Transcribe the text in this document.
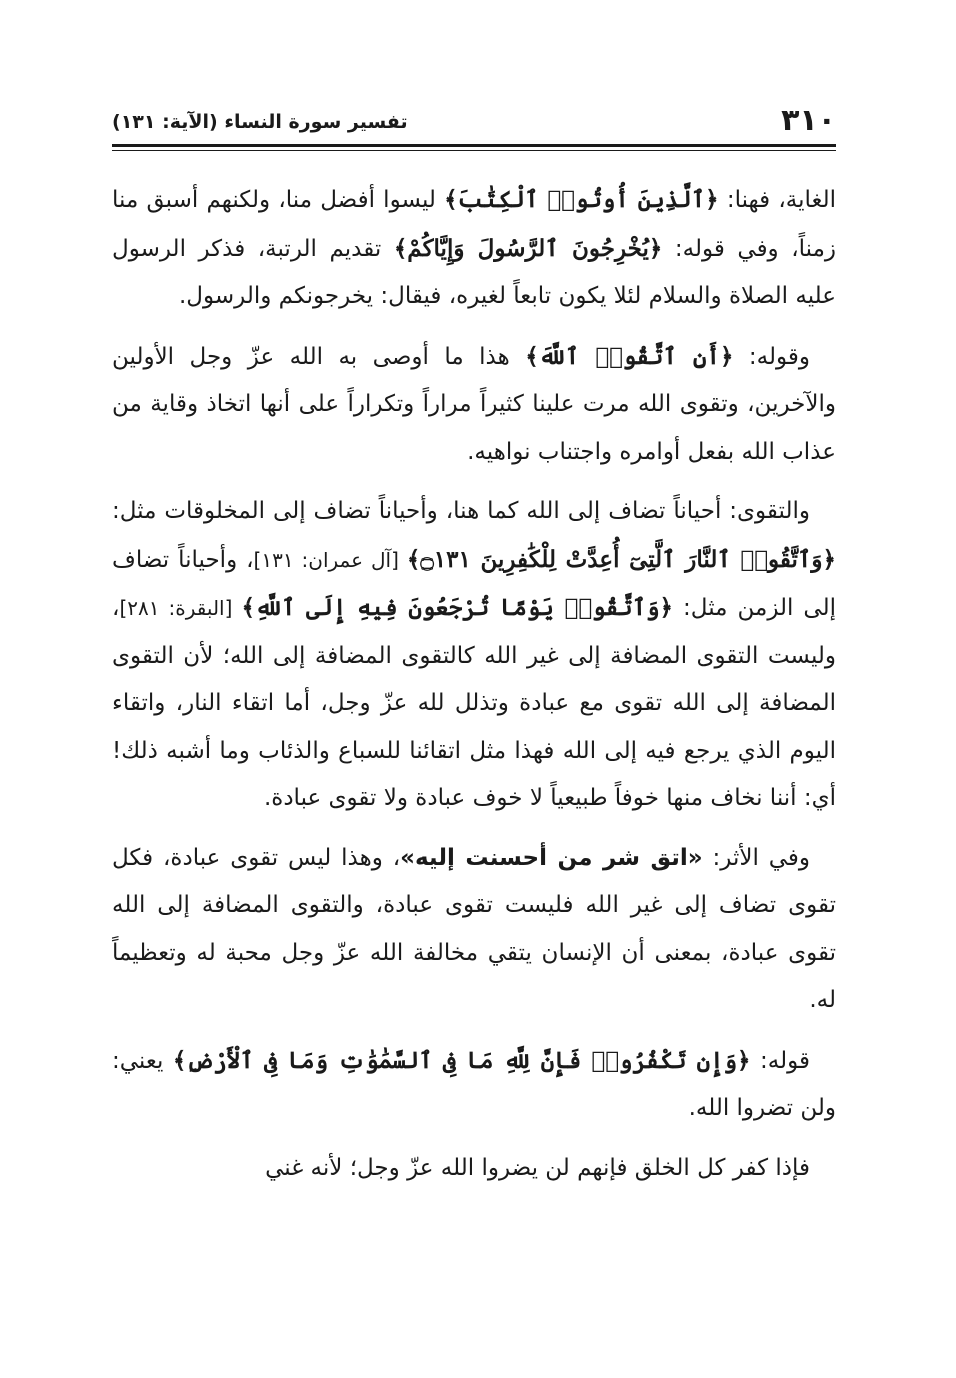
٣١٠
تفسير سورة النساء (الآية: ١٣١)

الغاية، فهنا: ﴿ٱلَّذِينَ أُوتُوا۟ ٱلْكِتَٰبَ﴾ ليسوا أفضل منا، ولكنهم أسبق منا زمناً، وفي قوله: ﴿يُخْرِجُونَ ٱلرَّسُولَ وَإِيَّاكُمْ﴾ تقديم الرتبة، فذكر الرسول عليه الصلاة والسلام لئلا يكون تابعاً لغيره، فيقال: يخرجونكم والرسول.

وقوله: ﴿أَنِ ٱتَّقُوا۟ ٱللَّهَ﴾ هذا ما أوصى به الله عزّ وجل الأولين والآخرين، وتقوى الله مرت علينا كثيراً مراراً وتكراراً على أنها اتخاذ وقاية من عذاب الله بفعل أوامره واجتناب نواهيه.

والتقوى: أحياناً تضاف إلى الله كما هنا، وأحياناً تضاف إلى المخلوقات مثل: ﴿وَٱتَّقُوا۟ ٱلنَّارَ ٱلَّتِىٓ أُعِدَّتْ لِلْكَٰفِرِينَ ۝١٣١﴾ [آل عمران: ١٣١]، وأحياناً تضاف إلى الزمن مثل: ﴿وَٱتَّقُوا۟ يَوْمًا تُرْجَعُونَ فِيهِ إِلَى ٱللَّهِ﴾ [البقرة: ٢٨١]، وليست التقوى المضافة إلى غير الله كالتقوى المضافة إلى الله؛ لأن التقوى المضافة إلى الله تقوى مع عبادة وتذلل لله عزّ وجل، أما اتقاء النار، واتقاء اليوم الذي يرجع فيه إلى الله فهذا مثل اتقائنا للسباع والذئاب وما أشبه ذلك! أي: أننا نخاف منها خوفاً طبيعياً لا خوف عبادة ولا تقوى عبادة.

وفي الأثر: «اتق شر من أحسنت إليه»، وهذا ليس تقوى عبادة، فكل تقوى تضاف إلى غير الله فليست تقوى عبادة، والتقوى المضافة إلى الله تقوى عبادة، بمعنى أن الإنسان يتقي مخالفة الله عزّ وجل محبة له وتعظيماً له.

قوله: ﴿وَإِن تَكْفُرُوا۟ فَإِنَّ لِلَّهِ مَا فِى ٱلسَّمَٰوَٰتِ وَمَا فِى ٱلْأَرْضِ﴾ يعني: ولن تضروا الله.

فإذا كفر كل الخلق فإنهم لن يضروا الله عزّ وجل؛ لأنه غني
